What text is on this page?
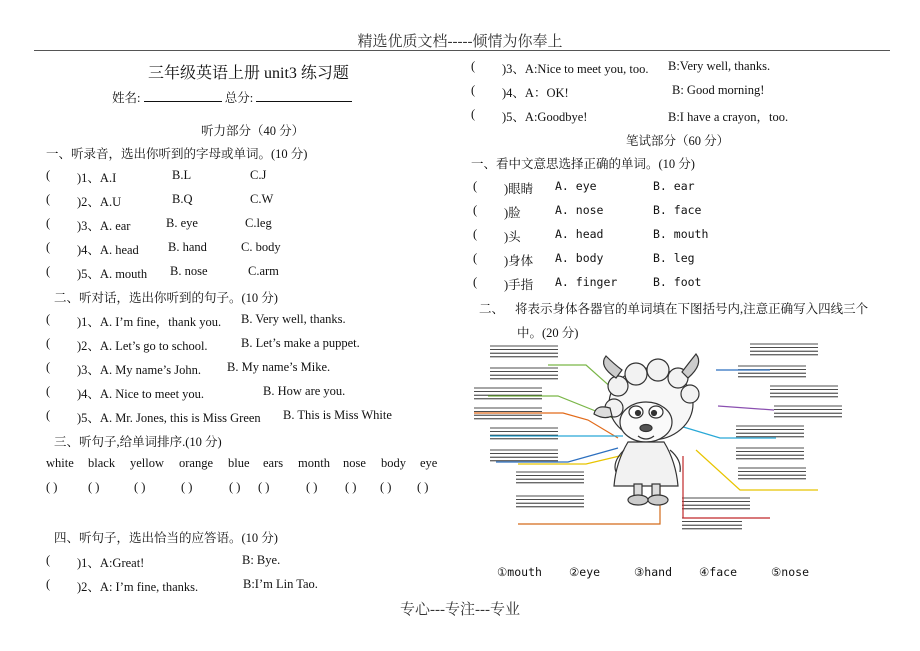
精选优质文档-----倾情为你奉上
三年级英语上册 unit3 练习题
姓名:	总分:
听力部分（40 分）
一、听录音，选出你听到的字母或单词。(10 分)
( )1、A.I	B.L	C.J
( )2、A.U	B.Q	C.W
( )3、A. ear	B. eye	C.leg
( )4、A. head B. hand	C. body
( )5、A. mouth B. nose	C.arm
二、听对话，选出你听到的句子。(10 分)
( )1、A. I’m fine，thank you. B. Very well, thanks.
( )2、A. Let’s go to school.	B. Let’s make a puppet.
( )3、A. My name’s John. B. My name’s Mike.
( )4、A. Nice to meet you.	B. How are you.
( )5、A. Mr. Jones, this is Miss Green B. This is Miss White
三、听句子,给单词排序.(10 分)
white black yellow orange blue ears month nose body eye
( ) ( )	( )	( )	( ) ( )	( ) ( ) ( ) ( )
四、听句子，选出恰当的应答语。(10 分)
( )1、A:Great!	B: Bye.
( )2、A: I’m fine, thanks.	B:I’m Lin Tao.
( )3、A:Nice to meet you, too. B:Very well, thanks.
( )4、A：OK!	B: Good morning!
( )5、A:Goodbye!	B:I have a crayon，too.
笔试部分（60 分）
一、看中文意思选择正确的单词。(10 分)
( )眼睛 A. eye	B. ear
( )脸	A. nose	B. face
( )头	A. head	B. mouth
( )身体 A. body	B. leg
( )手指 A. finger	B. foot
二、 将表示身体各器官的单词填在下图括号内,注意正确写入四线三个
中。(20 分)
①mouth ②eye	③hand ④face	⑤nose
专心---专注---专业
